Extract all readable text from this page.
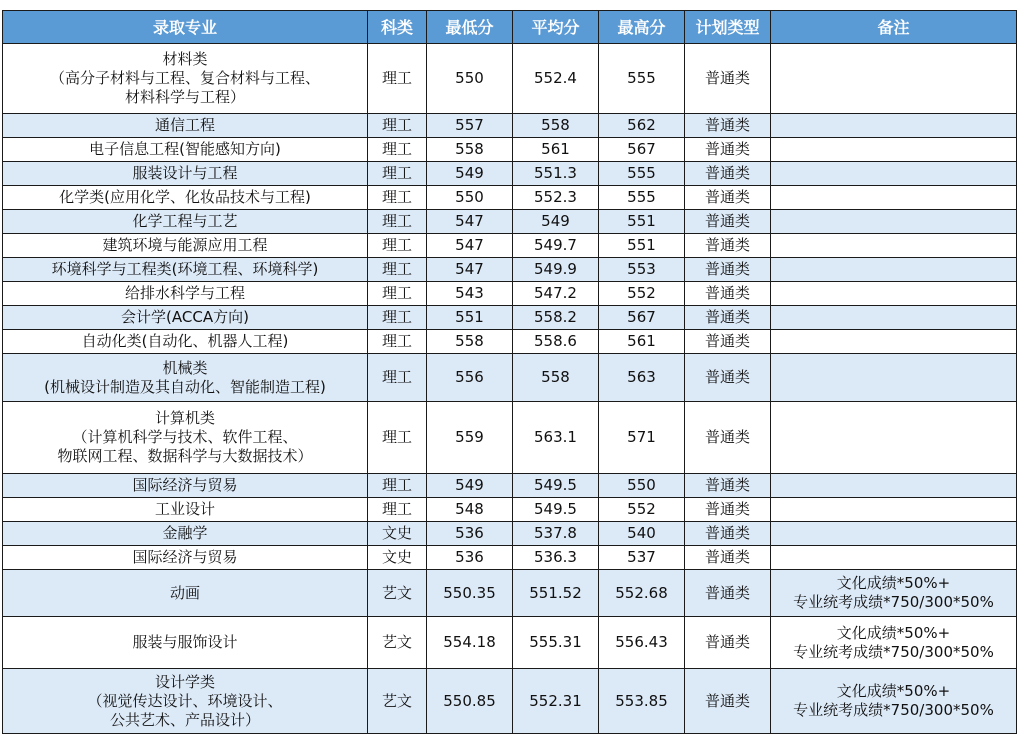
录取专业	科类	最低分	平均分	最高分	计划类型	备注

材料类
（高分子材料与工程、复合材料与工程、
材料科学与工程）	理工	550	552.4	555	普通类	

通信工程	理工	557	558	562	普通类	

电子信息工程(智能感知方向)	理工	558	561	567	普通类	

服装设计与工程	理工	549	551.3	555	普通类	

化学类(应用化学、化妆品技术与工程)	理工	550	552.3	555	普通类	

化学工程与工艺	理工	547	549	551	普通类	

建筑环境与能源应用工程	理工	547	549.7	551	普通类	

环境科学与工程类(环境工程、环境科学)	理工	547	549.9	553	普通类	

给排水科学与工程	理工	543	547.2	552	普通类	

会计学(ACCA方向)	理工	551	558.2	567	普通类	

自动化类(自动化、机器人工程)	理工	558	558.6	561	普通类	

机械类
(机械设计制造及其自动化、智能制造工程)	理工	556	558	563	普通类	

计算机类
（计算机科学与技术、软件工程、
物联网工程、数据科学与大数据技术）	理工	559	563.1	571	普通类	

国际经济与贸易	理工	549	549.5	550	普通类	

工业设计	理工	548	549.5	552	普通类	

金融学	文史	536	537.8	540	普通类	

国际经济与贸易	文史	536	536.3	537	普通类	

动画	艺文	550.35	551.52	552.68	普通类	文化成绩*50%+
专业统考成绩*750/300*50%

服装与服饰设计	艺文	554.18	555.31	556.43	普通类	文化成绩*50%+
专业统考成绩*750/300*50%

设计学类
（视觉传达设计、环境设计、
公共艺术、产品设计）	艺文	550.85	552.31	553.85	普通类	文化成绩*50%+
专业统考成绩*750/300*50%
